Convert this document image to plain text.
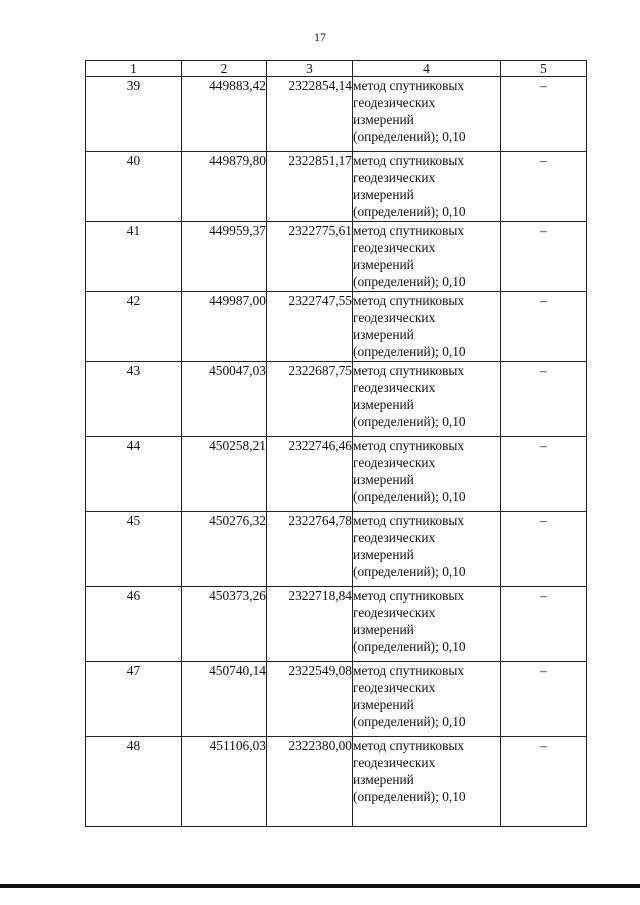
17
1	2	3	4	5
39	449883,42	2322854,14	метод спутниковых
геодезических
измерений
(определений); 0,10	–
40	449879,80	2322851,17	метод спутниковых
геодезических
измерений
(определений); 0,10	–
41	449959,37	2322775,61	метод спутниковых
геодезических
измерений
(определений); 0,10	–
42	449987,00	2322747,55	метод спутниковых
геодезических
измерений
(определений); 0,10	–
43	450047,03	2322687,75	метод спутниковых
геодезических
измерений
(определений); 0,10	–
44	450258,21	2322746,46	метод спутниковых
геодезических
измерений
(определений); 0,10	–
45	450276,32	2322764,78	метод спутниковых
геодезических
измерений
(определений); 0,10	–
46	450373,26	2322718,84	метод спутниковых
геодезических
измерений
(определений); 0,10	–
47	450740,14	2322549,08	метод спутниковых
геодезических
измерений
(определений); 0,10	–
48	451106,03	2322380,00	метод спутниковых
геодезических
измерений
(определений); 0,10	–
